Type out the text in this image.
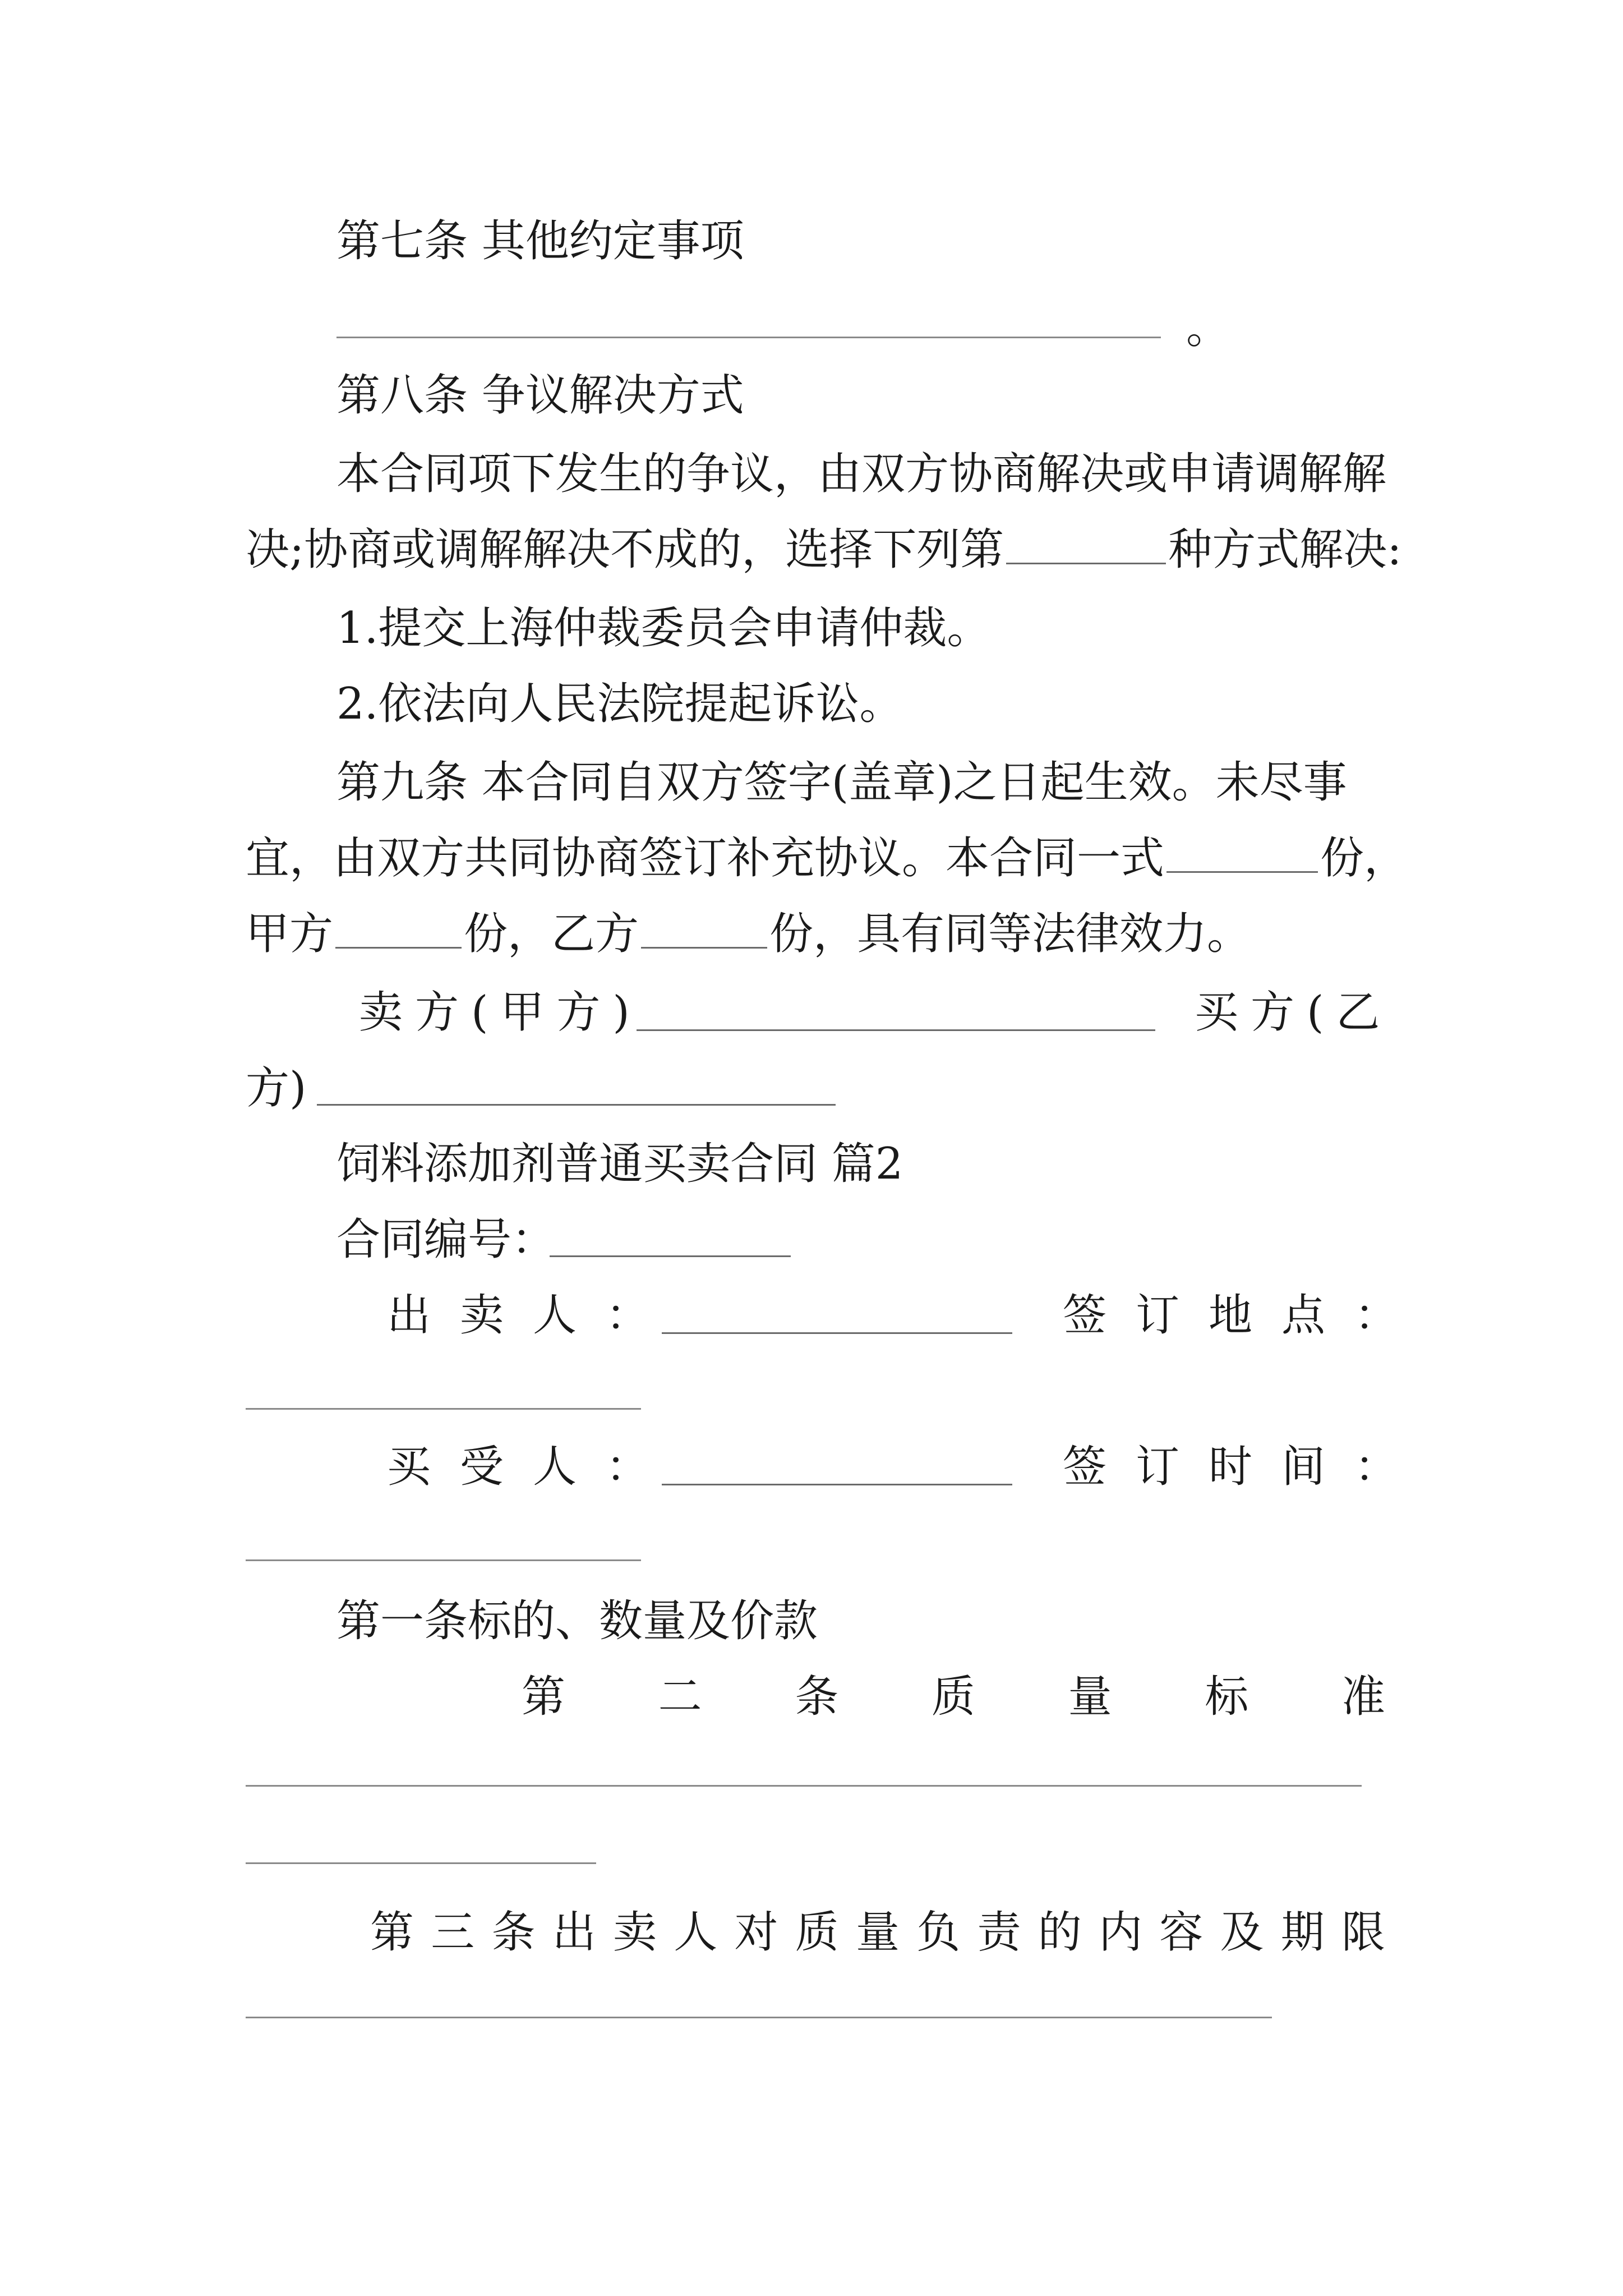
第七条 其他约定事项
。
第八条 争议解决方式
本合同项下发生的争议，由双方协商解决或申请调解解
决;协商或调解解决不成的，选择下列第	种方式解决:
1.提交上海仲裁委员会申请仲裁。
2.依法向人民法院提起诉讼。
第九条 本合同自双方签字(盖章)之日起生效。未尽事
宜，由双方共同协商签订补充协议。本合同一式	份，
甲方	份，乙方	份，具有同等法律效力。
卖方(甲方)	买方(乙
方)
饲料添加剂普通买卖合同 篇2
合同编号：
出卖人：	签订地点：
买受人：	签订时间：
第一条标的、数量及价款
第二条质量标准
第三条出卖人对质量负责的内容及期限
